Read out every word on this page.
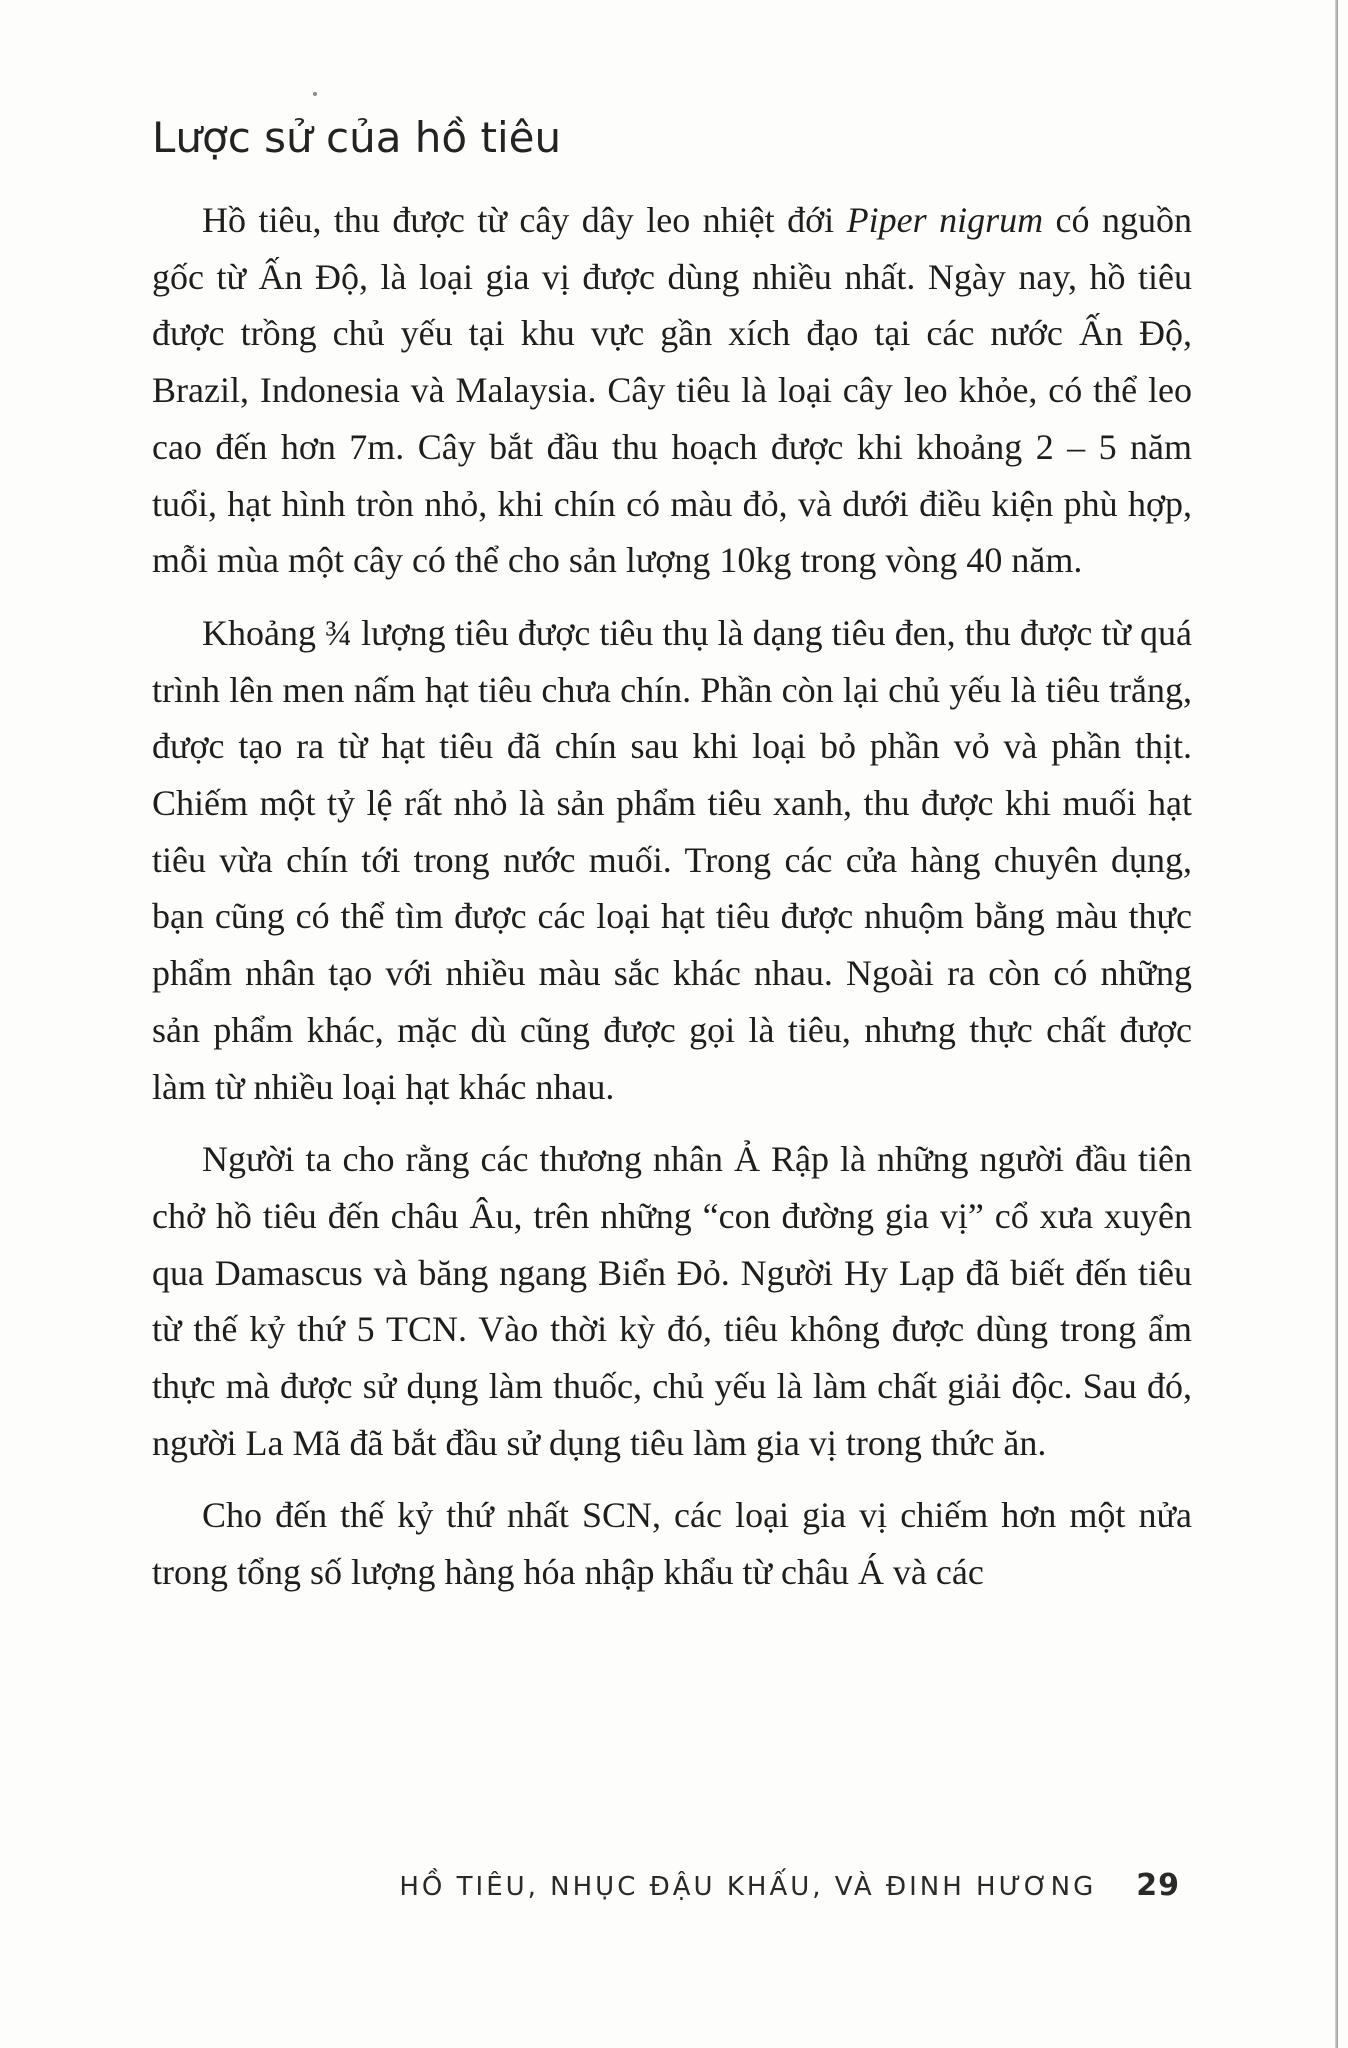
Lược sử của hồ tiêu

Hồ tiêu, thu được từ cây dây leo nhiệt đới Piper nigrum có nguồn gốc từ Ấn Độ, là loại gia vị được dùng nhiều nhất. Ngày nay, hồ tiêu được trồng chủ yếu tại khu vực gần xích đạo tại các nước Ấn Độ, Brazil, Indonesia và Malaysia. Cây tiêu là loại cây leo khỏe, có thể leo cao đến hơn 7m. Cây bắt đầu thu hoạch được khi khoảng 2 – 5 năm tuổi, hạt hình tròn nhỏ, khi chín có màu đỏ, và dưới điều kiện phù hợp, mỗi mùa một cây có thể cho sản lượng 10kg trong vòng 40 năm.

Khoảng ¾ lượng tiêu được tiêu thụ là dạng tiêu đen, thu được từ quá trình lên men nấm hạt tiêu chưa chín. Phần còn lại chủ yếu là tiêu trắng, được tạo ra từ hạt tiêu đã chín sau khi loại bỏ phần vỏ và phần thịt. Chiếm một tỷ lệ rất nhỏ là sản phẩm tiêu xanh, thu được khi muối hạt tiêu vừa chín tới trong nước muối. Trong các cửa hàng chuyên dụng, bạn cũng có thể tìm được các loại hạt tiêu được nhuộm bằng màu thực phẩm nhân tạo với nhiều màu sắc khác nhau. Ngoài ra còn có những sản phẩm khác, mặc dù cũng được gọi là tiêu, nhưng thực chất được làm từ nhiều loại hạt khác nhau.

Người ta cho rằng các thương nhân Ả Rập là những người đầu tiên chở hồ tiêu đến châu Âu, trên những “con đường gia vị” cổ xưa xuyên qua Damascus và băng ngang Biển Đỏ. Người Hy Lạp đã biết đến tiêu từ thế kỷ thứ 5 TCN. Vào thời kỳ đó, tiêu không được dùng trong ẩm thực mà được sử dụng làm thuốc, chủ yếu là làm chất giải độc. Sau đó, người La Mã đã bắt đầu sử dụng tiêu làm gia vị trong thức ăn.

Cho đến thế kỷ thứ nhất SCN, các loại gia vị chiếm hơn một nửa trong tổng số lượng hàng hóa nhập khẩu từ châu Á và các

HỒ TIÊU, NHỤC ĐẬU KHẤU, VÀ ĐINH HƯƠNG 29
